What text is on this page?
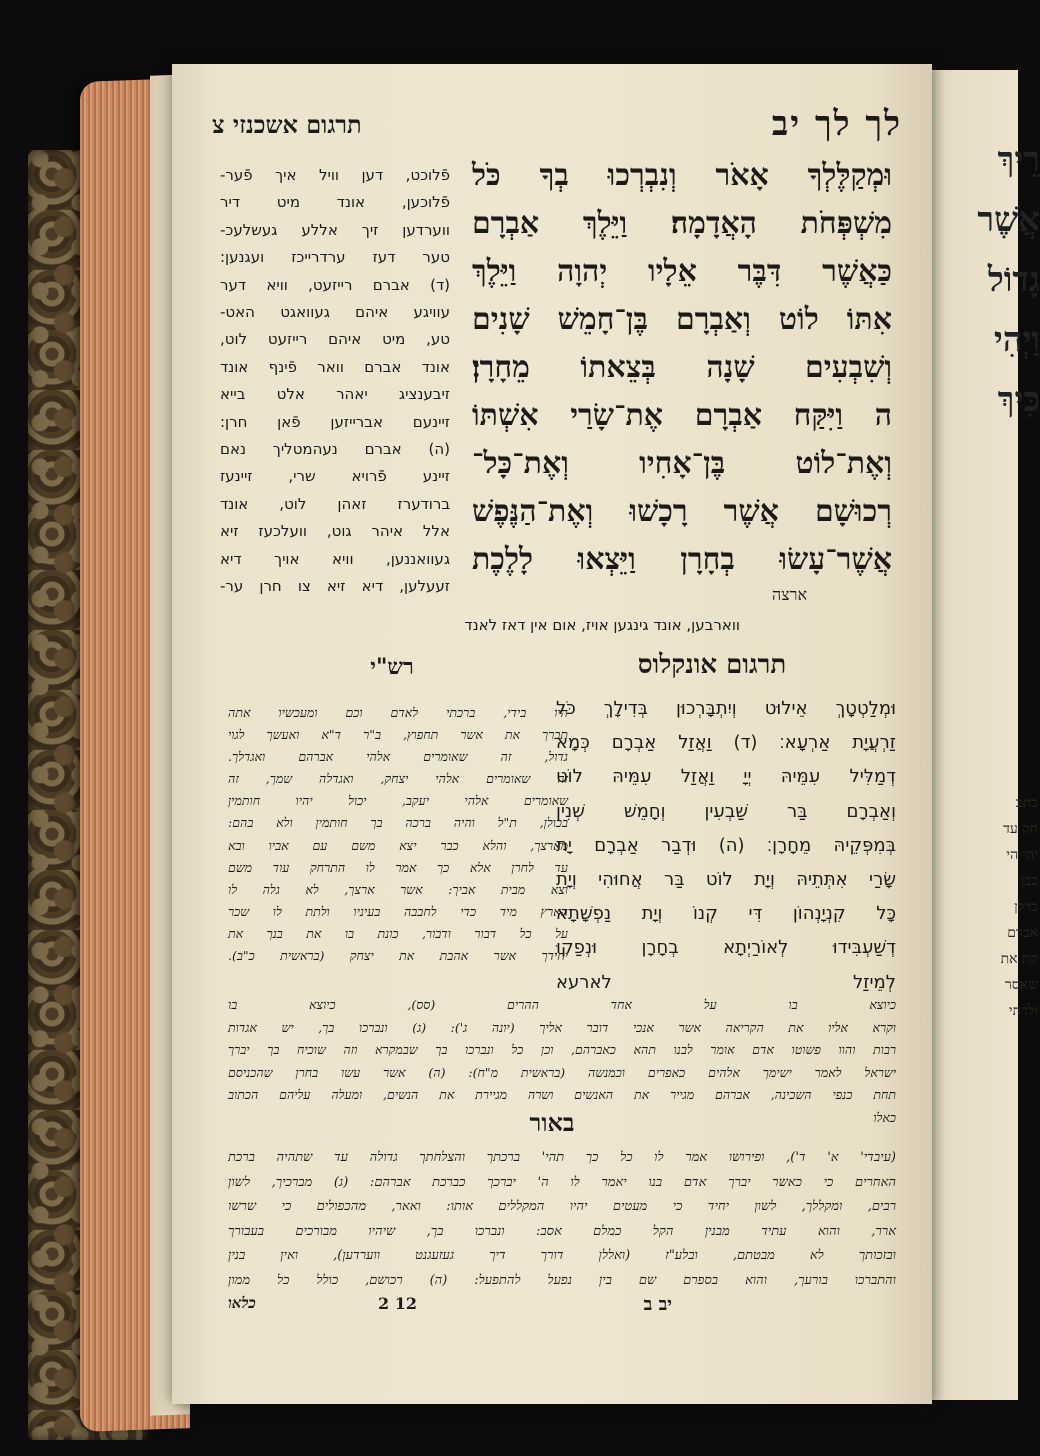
רֵיךְ
אֲשֶׁר
גָדוֹל
וַיְהִי
כִּיךְ
כתב
חק עד
יהי הי
כבן
כרלן
אברם
קת את
שאסר
ולדתי
לך לך יב
תרגום אשכנזי צ
וּמְקַלֶּלְךָ אָאֹר וְנִבְרְכוּ בְךָ כֹּל
מִשְׁפְּחֹת הָאֲדָמָה׃ וַיֵּלֶךְ אַבְרָם
כַּאֲשֶׁר דִּבֶּר אֵלָיו יְהוָה וַיֵּלֶךְ
אִתּוֹ לוֹט וְאַבְרָם בֶּן־חָמֵשׁ שָׁנִים
וְשִׁבְעִים שָׁנָה בְּצֵאתוֹ מֵחָרָן׃
ה וַיִּקַּח אַבְרָם אֶת־שָׂרַי אִשְׁתּוֹ
וְאֶת־לוֹט בֶּן־אָחִיו וְאֶת־כָּל־
רְכוּשָׁם אֲשֶׁר רָכָשׁוּ וְאֶת־הַנֶּפֶשׁ
אֲשֶׁר־עָשׂוּ בְחָרָן וַיֵּצְאוּ לָלֶכֶת
ארצה
פֿלוכט, דען וויל איך פֿער-
פֿלוכען, אונד מיט דיר
ווערדען זיך אללע געשלעכ-
טער דעז ערדרייכז ועגנען:
(ד) אברם רייזעט, וויא דער
עוויגע איהם געוואגט האט-
טע, מיט איהם רייזעט לוט,
אונד אברם וואר פֿינף אונד
זיבענציג יאהר אלט בייא
זיינעם אברייזען פֿאן חרן:
(ה) אברם נעהמטליך נאם
זיינע פֿרויא שרי, זיינעז
ברודערז זאהן לוט, אונד
אלל איהר גוט, וועלכעז זיא
געוואננען, וויא אויך דיא
זעעלען, דיא זיא צו חרן ער-
ווארבען, אונד גינגען אויז, אום אין דאז לאנד
תרגום אונקלוס
רש"י
וּמְלַטְטָךְ אֵילוּט וְיִתְבָּרְכוּן בְּדִילָךְ כֹּל
זַרְעֲיָת אַרְעָא׃ (ד) וַאֲזַל אַבְרָם כְּמָא
דְמַלִּיל עִמֵּיהּ יְיָ וַאֲזַל עִמֵּיהּ לוֹט
וְאַבְרָם בַּר שַׁבְעִין וְחָמֵשׁ שְׁנִין
בְּמִפְּקֵיהּ מֵחָרָן׃ (ה) וּדְבַר אַבְרָם יָת
שָׂרַי אִתְּתֵיהּ וְיָת לוֹט בַּר אֲחוּהִי וְיָת
כָּל קִנְיָנְהוֹן דִּי קְנוֹ וְיָת נַפְשָׁתָא
דְשַׁעְבִּידוּ לְאוֹרַיְתָא בְחָרָן וּנְפַקוּ
לְמֵיזַל לארעא
היו בידי, ברכתי לאדם וכם ומעכשיו אתה
תברך את אשר תחפוץ, ב"ר ד"א ואעשך לגוי
גדול, זה שאומרים אלהי אברהם ואגדלך.
זה שאומרים אלהי יצחק, ואגדלה שמך, זה
שאומרים אלהי יעקב, יכול יהיו חותמין
בכולן, ת"ל והיה ברכה בך חותמין ולא בהם:
מארצך, והלא כבר יצא משם עם אביו ובא
עד לחרן אלא כך אמר לו התרחק עוד משם
וצא מבית אביך: אשר ארצך, לא גלה לו
הארץ מיד כדי לחבבה בעיניו ולתת לו שכר
על כל דבור ודבור, כונת בו את בנך את
יחידך אשר אהבת את יצחק (בראשית כ"ב).
כיוצא בו על אחד ההרים (סס), כיוצא בו
וקרא אליו את הקריאה אשר אנכי דובר אליך (יונה ג'): (ג) ונברכו בך, יש אגדות
רבות והוו פשוטו אדם אומר לבנו תהא כאברהם, וכן כל ונברכו בך שבמקרא וזה שוכיח בך יברך
ישראל לאמר ישימך אלהים כאפרים וכמנשה (בראשית מ"ח): (ה) אשר עשו בחרן שהכניסם
תחת כנפי השכינה, אברהם מגייר את האנשים ושרה מגיירת את הנשים, ומעלה עליהם הכתוב
כאלו
באור
(עיבדי' א' ד'), ופירושו אמר לו כל כך תהי' ברכתך והצלחתך גדולה עד שתהיה ברכת
האחרים כי כאשר יברך אדם בנו יאמר לו ה' יברכך כברכת אברהם: (ג) מברכיך, לשון
רבים, ומקללך, לשון יחיד כי מעטים יהיו המקללים אותו: ואאר, מהכפולים כי שרשו
ארר, והוא עתיד מבנין הקל כמלם אסב: ונברכו בך, שיהיו מבורכים בעבורך
ובזכותך לא מבטתם, ובלע"ז (ואללן דורך דיך געזעגנט ווערדען), ואין בנין
והתברכו בורעך, והוא בספרם שם בין נפעל להתפעל: (ה) רכושם, כולל כל ממון
יב ב
12 2
כלאו
